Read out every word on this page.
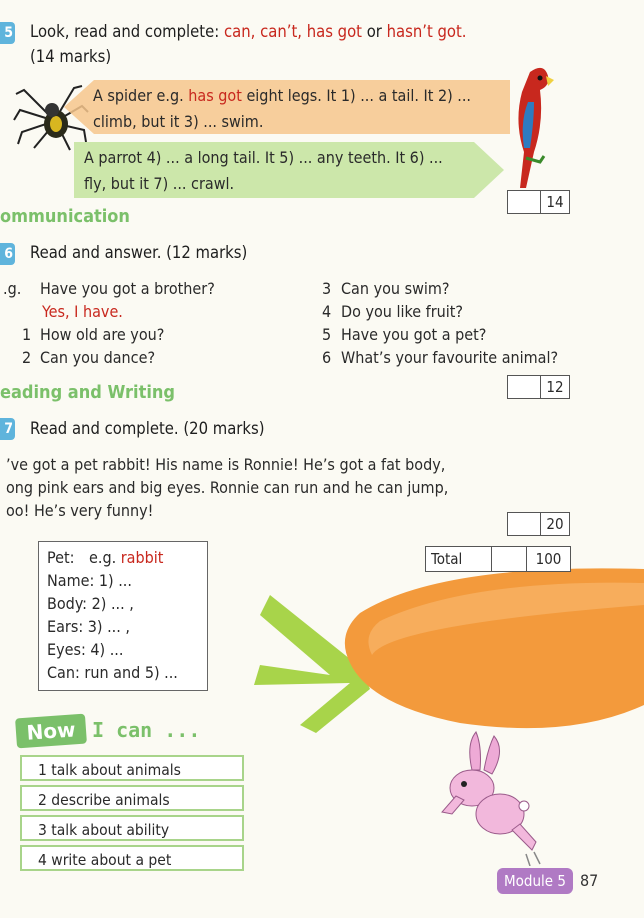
5 Look, read and complete: can, can’t, has got or hasn’t got.
(14 marks)
A spider e.g. has got eight legs. It 1) ... a tail. It 2) ...
climb, but it 3) ... swim.
A parrot 4) ... a long tail. It 5) ... any teeth. It 6) ...
fly, but it 7) ... crawl.
14
ommunication
6 Read and answer. (12 marks)
.g. Have you got a brother?
Yes, I have.
1 How old are you?
2 Can you dance?
3 Can you swim?
4 Do you like fruit?
5 Have you got a pet?
6 What’s your favourite animal?
12
eading and Writing
7 Read and complete. (20 marks)
’ve got a pet rabbit! His name is Ronnie! He’s got a fat body,
ong pink ears and big eyes. Ronnie can run and he can jump,
oo! He’s very funny!
20
Total	100
Pet: e.g. rabbit
Name: 1) ...
Body: 2) ... ,
Ears: 3) ... ,
Eyes: 4) ...
Can: run and 5) ...
Now I can ...
1 talk about animals
2 describe animals
3 talk about ability
4 write about a pet
Module 5 87
